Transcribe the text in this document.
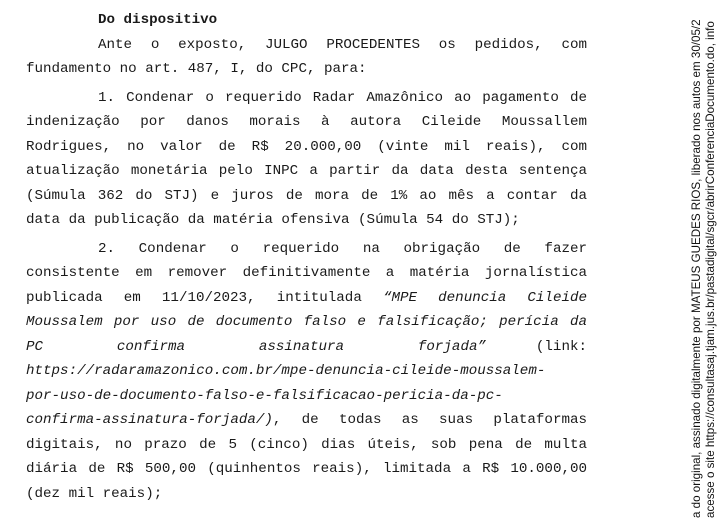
Do dispositivo
Ante o exposto, JULGO PROCEDENTES os pedidos, com
fundamento no art. 487, I, do CPC, para:
1. Condenar o requerido Radar Amazônico ao pagamento de
indenização por danos morais à autora Cileide Moussallem
Rodrigues, no valor de R$ 20.000,00 (vinte mil reais), com
atualização monetária pelo INPC a partir da data desta sentença
(Súmula 362 do STJ) e juros de mora de 1% ao mês a contar da
data da publicação da matéria ofensiva (Súmula 54 do STJ);
2. Condenar o requerido na obrigação de fazer
consistente em remover definitivamente a matéria jornalística
publicada em 11/10/2023, intitulada “MPE denuncia Cileide
Moussalem por uso de documento falso e falsificação; perícia da
PC	confirma	assinatura	forjada”	(link:
https://radaramazonico.com.br/mpe-denuncia-cileide-moussalem-
por-uso-de-documento-falso-e-falsificacao-pericia-da-pc-
confirma-assinatura-forjada/), de todas as suas plataformas
digitais, no prazo de 5 (cinco) dias úteis, sob pena de multa
diária de R$ 500,00 (quinhentos reais), limitada a R$ 10.000,00
(dez mil reais);	a do original, assinado digitalmente por MATEUS GUEDES RIOS, liberado nos autos em 30/05/2 acesse o site https://consultasaj.tjam.jus.br/pastadigital/sgcr/abrirConferenciaDocumento.do, info
